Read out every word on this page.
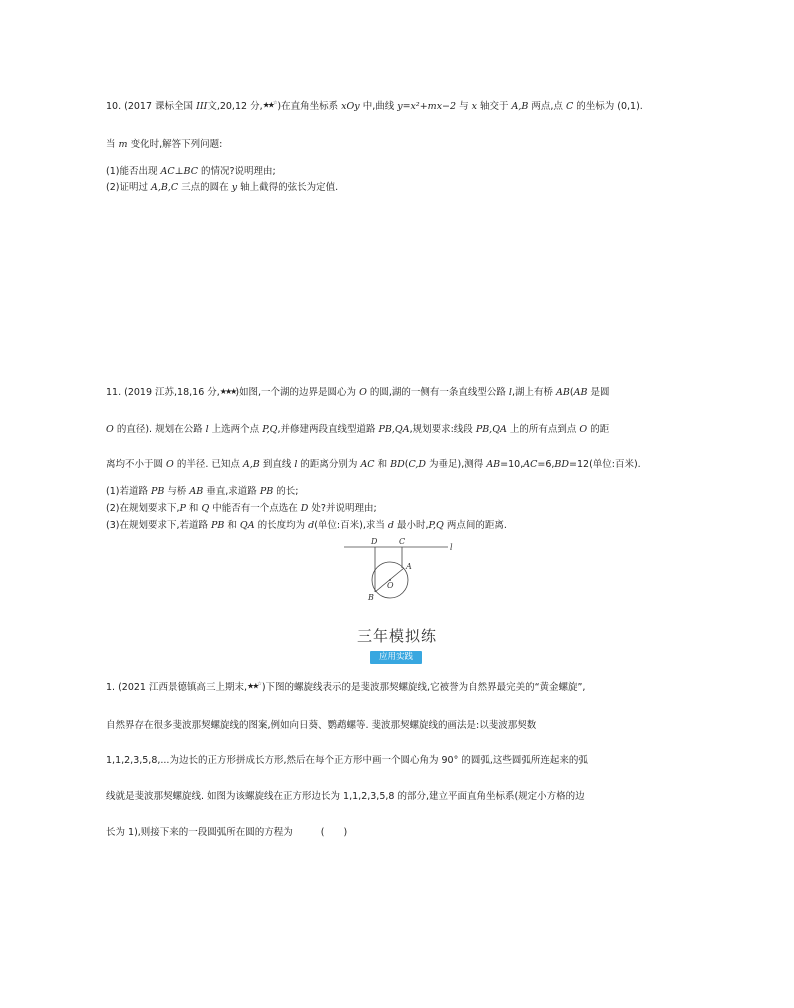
10. (2017 课标全国 III文,20,12 分,★★☆)在直角坐标系 xOy 中,曲线 y=x²+mx−2 与 x 轴交于 A,B 两点,点 C 的坐标为 (0,1).
当 m 变化时,解答下列问题:
(1)能否出现 AC⊥BC 的情况?说明理由;
(2)证明过 A,B,C 三点的圆在 y 轴上截得的弦长为定值.
11. (2019 江苏,18,16 分,★★★)如图,一个湖的边界是圆心为 O 的圆,湖的一侧有一条直线型公路 l,湖上有桥 AB(AB 是圆
O 的直径). 规划在公路 l 上选两个点 P,Q,并修建两段直线型道路 PB,QA,规划要求:线段 PB,QA 上的所有点到点 O 的距
离均不小于圆 O 的半径. 已知点 A,B 到直线 l 的距离分别为 AC 和 BD(C,D 为垂足),测得 AB=10,AC=6,BD=12(单位:百米).
(1)若道路 PB 与桥 AB 垂直,求道路 PB 的长;
(2)在规划要求下,P 和 Q 中能否有一个点选在 D 处?并说明理由;
(3)在规划要求下,若道路 PB 和 QA 的长度均为 d(单位:百米),求当 d 最小时,P,Q 两点间的距离.
l
D	C
A
O
B
三年模拟练
应用实践
1. (2021 江西景德镇高三上期末,★★☆)下图的螺旋线表示的是斐波那契螺旋线,它被誉为自然界最完美的“黄金螺旋”,
自然界存在很多斐波那契螺旋线的图案,例如向日葵、鹦鹉螺等. 斐波那契螺旋线的画法是:以斐波那契数
1,1,2,3,5,8,...为边长的正方形拼成长方形,然后在每个正方形中画一个圆心角为 90° 的圆弧,这些圆弧所连起来的弧
线就是斐波那契螺旋线. 如图为该螺旋线在正方形边长为 1,1,2,3,5,8 的部分,建立平面直角坐标系(规定小方格的边
长为 1),则接下来的一段圆弧所在圆的方程为	(　　)
